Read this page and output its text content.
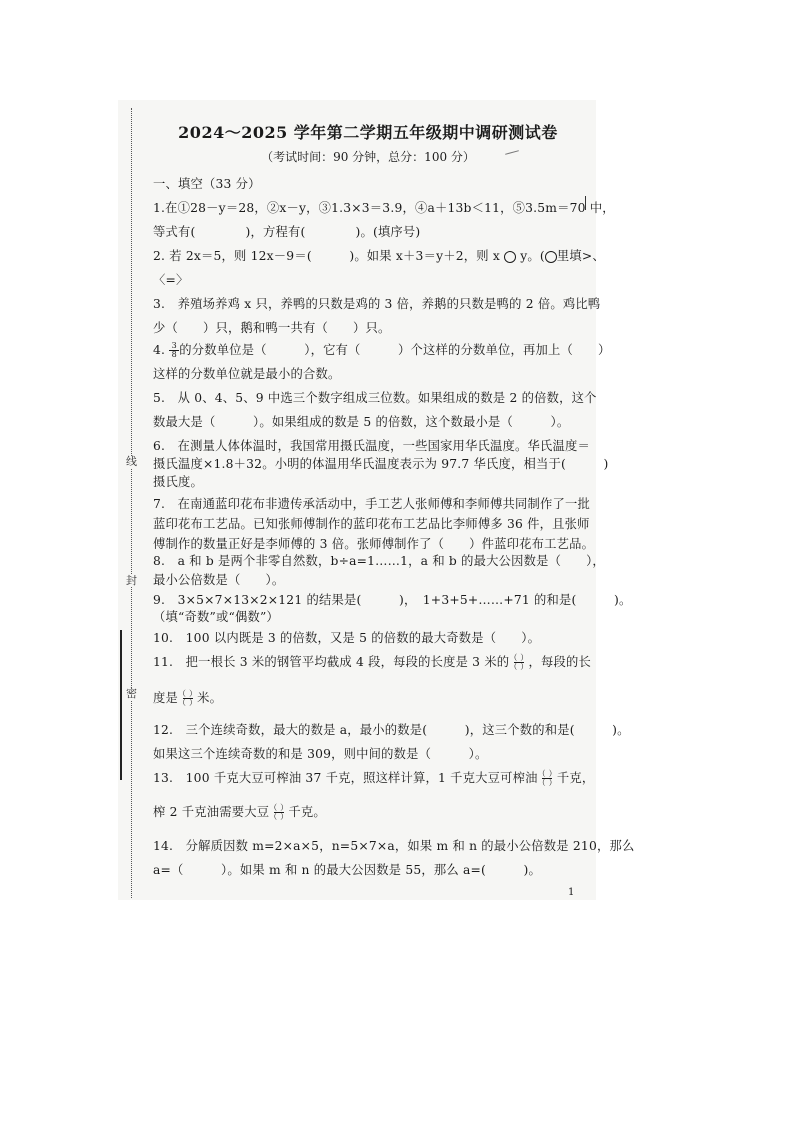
线
封
密
2024～2025 学年第二学期五年级期中调研测试卷
（考试时间：90 分钟，总分：100 分）
一、填空（33 分）
1.在①28－y＝28，②x－y，③1.3×3＝3.9，④a＋13b＜11，⑤3.5m＝70 中，
等式有(　　　　)，方程有(　　　　)。(填序号)
2. 若 2x＝5，则 12x－9＝(　　　)。如果 x＋3＝y＋2，则 x y。( 里填>、
〈=〉
3.　养殖场养鸡 x 只，养鸭的只数是鸡的 3 倍，养鹅的只数是鸭的 2 倍。鸡比鸭
少（　　）只，鹅和鸭一共有（　　）只。
4. $\frac{3}{8}$ 的分数单位是（　　　），它有（　　　）个这样的分数单位，再加上（　　）
这样的分数单位就是最小的合数。
5.　从 0、4、5、9 中选三个数字组成三位数。如果组成的数是 2 的倍数，这个
数最大是（　　　）。如果组成的数是 5 的倍数，这个数最小是（　　　）。
6.　在测量人体体温时，我国常用摄氏温度，一些国家用华氏温度。华氏温度＝
摄氏温度×1.8＋32。小明的体温用华氏温度表示为 97.7 华氏度，相当于(　　　)
摄氏度。
7.　在南通蓝印花布非遗传承活动中，手工艺人张师傅和李师傅共同制作了一批
蓝印花布工艺品。已知张师傅制作的蓝印花布工艺品比李师傅多 36 件，且张师
傅制作的数量正好是李师傅的 3 倍。张师傅制作了（　　）件蓝印花布工艺品。
8.　a 和 b 是两个非零自然数，b÷a=1……1，a 和 b 的最大公因数是（　　），
最小公倍数是（　　）。
9.　3×5×7×13×2×121 的结果是(　　　)，　1+3+5+……+71 的和是(　　　)。
（填“奇数”或“偶数”）
10.　100 以内既是 3 的倍数，又是 5 的倍数的最大奇数是（　　）。
11.　把一根长 3 米的钢管平均截成 4 段，每段的长度是 3 米的 $\frac{( )}{( )}$ ，每段的长
度是 $\frac{( )}{( )}$ 米。
12.　三个连续奇数，最大的数是 a，最小的数是(　　　)，这三个数的和是(　　　)。
如果这三个连续奇数的和是 309，则中间的数是（　　　）。
13.　100 千克大豆可榨油 37 千克，照这样计算，1 千克大豆可榨油 $\frac{( )}{( )}$ 千克，
榨 2 千克油需要大豆 $\frac{( )}{( )}$ 千克。
14.　分解质因数 m=2×a×5，n=5×7×a，如果 m 和 n 的最小公倍数是 210，那么
a=（　　　）。如果 m 和 n 的最大公因数是 55，那么 a=(　　　)。
1
